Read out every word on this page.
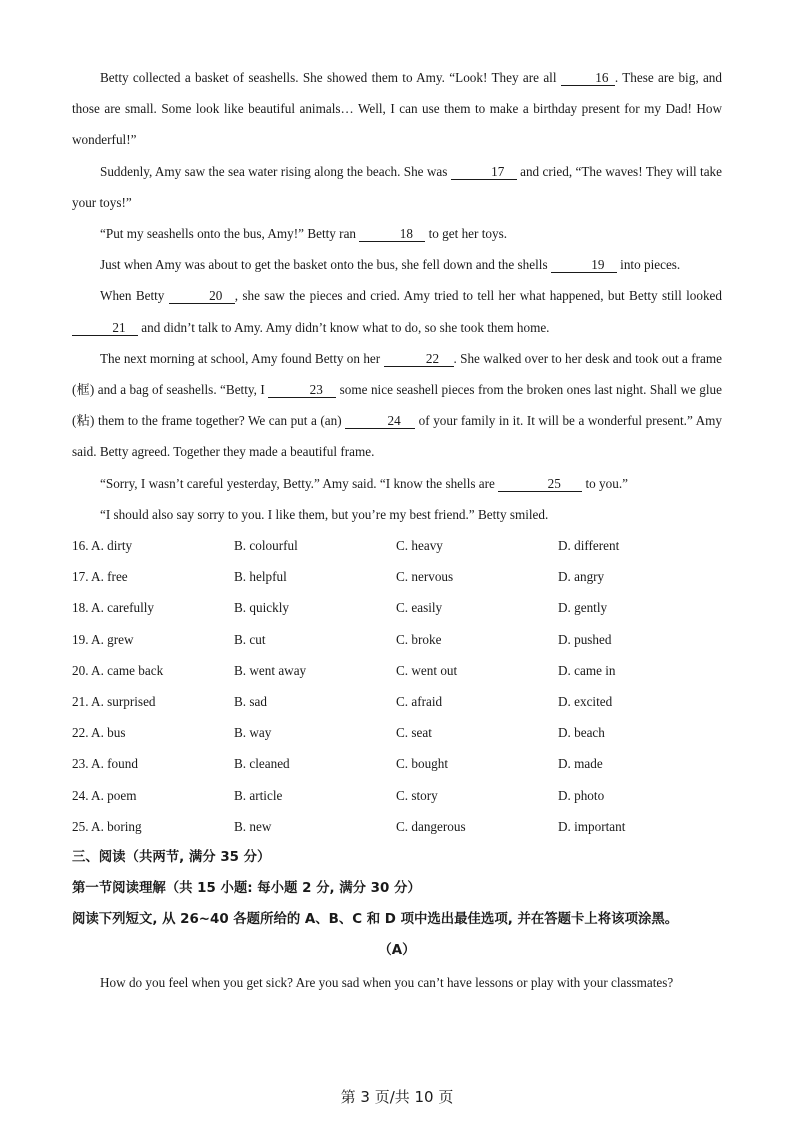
Betty collected a basket of seashells. She showed them to Amy. “Look! They are all	16 . These are big, and those are small. Some look like beautiful animals… Well, I can use them to make a birthday present for my Dad! How wonderful!”

Suddenly, Amy saw the sea water rising along the beach. She was	17 and cried, “The waves! They will take your toys!”

“Put my seashells onto the bus, Amy!” Betty ran	18 to get her toys.

Just when Amy was about to get the basket onto the bus, she fell down and the shells	19 into pieces.

When Betty	20 , she saw the pieces and cried. Amy tried to tell her what happened, but Betty still looked 21 and didn’t talk to Amy. Amy didn’t know what to do, so she took them home.

The next morning at school, Amy found Betty on her	22 . She walked over to her desk and took out a frame (框) and a bag of seashells. “Betty, I	23 some nice seashell pieces from the broken ones last night. Shall we glue (粘) them to the frame together? We can put a (an)	24 of your family in it. It will be a wonderful present.” Amy said. Betty agreed. Together they made a beautiful frame.

“Sorry, I wasn’t careful yesterday, Betty.” Amy said. “I know the shells are	25 to you.”

“I should also say sorry to you. I like them, but you’re my best friend.” Betty smiled.

16. A. dirty	B. colourful	C. heavy	D. different
17. A. free	B. helpful	C. nervous	D. angry
18. A. carefully	B. quickly	C. easily	D. gently
19. A. grew	B. cut	C. broke	D. pushed
20. A. came back	B. went away	C. went out	D. came in
21. A. surprised	B. sad	C. afraid	D. excited
22. A. bus	B. way	C. seat	D. beach
23. A. found	B. cleaned	C. bought	D. made
24. A. poem	B. article	C. story	D. photo
25. A. boring	B. new	C. dangerous	D. important

三、阅读（共两节, 满分 35 分）

第一节阅读理解（共 15 小题: 每小题 2 分, 满分 30 分）

阅读下列短文, 从 26~40 各题所给的 A、B、C 和 D 项中选出最佳选项, 并在答题卡上将该项涂黑。

（A）

How do you feel when you get sick? Are you sad when you can’t have lessons or play with your classmates?

第 3 页/共 10 页
